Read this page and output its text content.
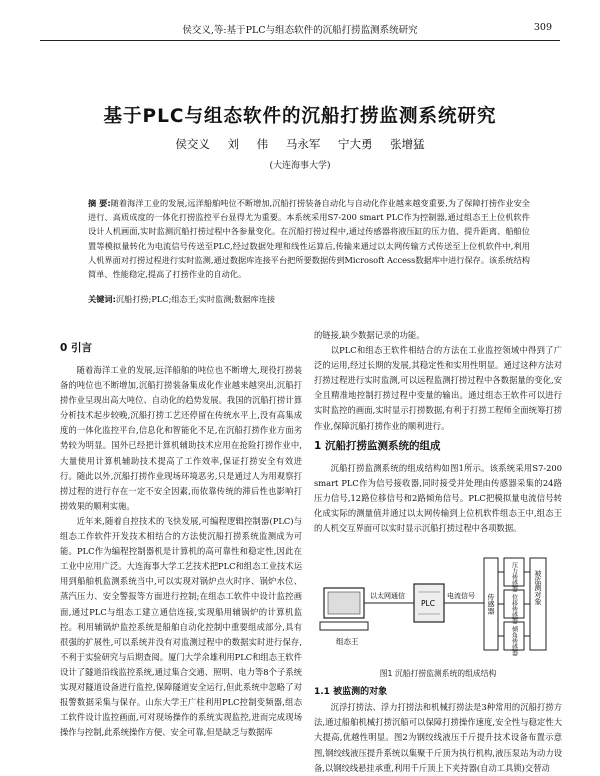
侯交义,等:基于PLC与组态软件的沉船打捞监测系统研究	309
基于PLC与组态软件的沉船打捞监测系统研究
侯交义 刘 伟 马永军 宁大勇 张增猛
(大连海事大学)
摘 要:随着海洋工业的发展,远洋船舶吨位不断增加,沉船打捞装备自动化与自动化作业越来越变重要,为了保障打捞作业安全进行、高质成度的一体化打捞监控平台显得尤为重要。本系统采用S7-200 smart PLC作为控制器,通过组态王上位机软件设计人机画面,实时监测沉船打捞过程中各参量变化。在沉船打捞过程中,通过传感器将液压缸的压力值、提升距离、船舶位置等模拟量转化为电流信号传送至PLC,经过数据处理和线性运算后,传输来通过以太网传输方式传送至上位机软件中,利用人机界面对打捞过程进行实时监测,通过数据库连接平台把所要数据传到Microsoft Access数据库中进行保存。该系统结构简单、性能稳定,提高了打捞作业的自动化。
关键词:沉船打捞;PLC;组态王;实时监测;数据库连接
0 引言

随着海洋工业的发展,远洋船舶的吨位也不断增大,现役打捞装备的吨位也不断增加,沉船打捞装备集成化作业越来越突出,沉船打捞作业呈现出高大吨位、自动化的趋势发展。我国的沉船打捞计算分析技术起步较晚,沉船打捞工艺还停留在传统水平上,没有高集成度的一体化监控平台,信息化和智能化不足,在沉船打捞作业方面劣势较为明显。国外已经把计算机辅助技术应用在抢险打捞作业中,大量使用计算机辅助技术提高了工作效率,保证打捞安全有效进行。随此以外,沉船打捞作业现场环境恶劣,只是通过人为用观察打捞过程的进行存在一定不安全因素,而依靠传统的滞后性也影响打捞效果的顺利实施。

近年来,随着自控技术的飞快发展,可编程逻辑控制器(PLC)与组态工作软件开发技术相结合的方法使沉船打捞系统监测成为可能。PLC作为编程控制器机是计算机的高可靠性和稳定性,因此在工业中应用广泛。大连海事大学工艺技术把PLC和组态工业技术运用到船舶机监测系统当中,可以实现对锅炉点火时序、锅炉水位、蒸汽压力、安全警报等方面进行控制;在组态工软件中设计监控画面,通过PLC与组态工建立通信连接,实现船用辅锅炉的计算机监控。利用辅锅炉监控系统是船舶自动化控制中重要组成部分,具有很强的扩展性,可以系统并没有对监测过程中的数据实时进行保存,不利于实验研究与后期查阅。厦门大学余雄利用PLC和组态王软件设计了隧道沿线监控系统,通过集合交通、照明、电力等8个子系统实现对隧道设备进行监控,保障隧道安全运行,但此系统中忽略了对报警数据采集与保存。山东大学王广柱利用PLC控制变频器,组态工软件设计监控画面,可对现场操作的系统实现监控,进而完成现场操作与控制,此系统操作方便、安全可靠,但是缺乏与数据库

的链接,缺少数据记录的功能。

以PLC和组态王软件相结合的方法在工业监控领域中得到了广泛的运用,经过长期的发展,其稳定性和实用性明显。通过这种方法对打捞过程进行实时监测,可以远程监测打捞过程中各数据量的变化,安全且精准地控制打捞过程中变量的输出。通过组态王软件可以进行实时监控的画面,实时显示打捞数据,有利于打捞工程师全面统筹打捞作业,保障沉船打捞作业的顺利进行。

1 沉船打捞监测系统的组成

沉船打捞监测系统的组成结构如图1所示。该系统采用S7-200 smart PLC作为信号接收器,同时接受并处理由传感器采集的24路压力信号,12路位移信号和2路倾角信号。PLC把模拟量电流信号转化成实际的测量值并通过以太网传输到上位机软件组态王中,组态王的人机交互界面可以实时显示沉船打捞过程中各项数据。

组态王
以太网通信
PLC
电流信号 传感器
压力传感器
位移传感器
倾角传感器
被监测对象
图1 沉船打捞监测系统的组成结构
1.1 被监测的对象

沉浮打捞法、浮力打捞法和机械打捞法是3种常用的沉船打捞方法,通过船舶机械打捞沉船可以保障打捞操作速度,安全性与稳定性大大提高,优越性明显。图2为钢绞线液压千斤提升技术设备布置示意图,钢绞线液压提升系统以集聚千斤顶为执行机构,液压泵站为动力设备,以钢绞线悬挂承重,利用千斤顶上下夹持器(自动工具锁)交替动
